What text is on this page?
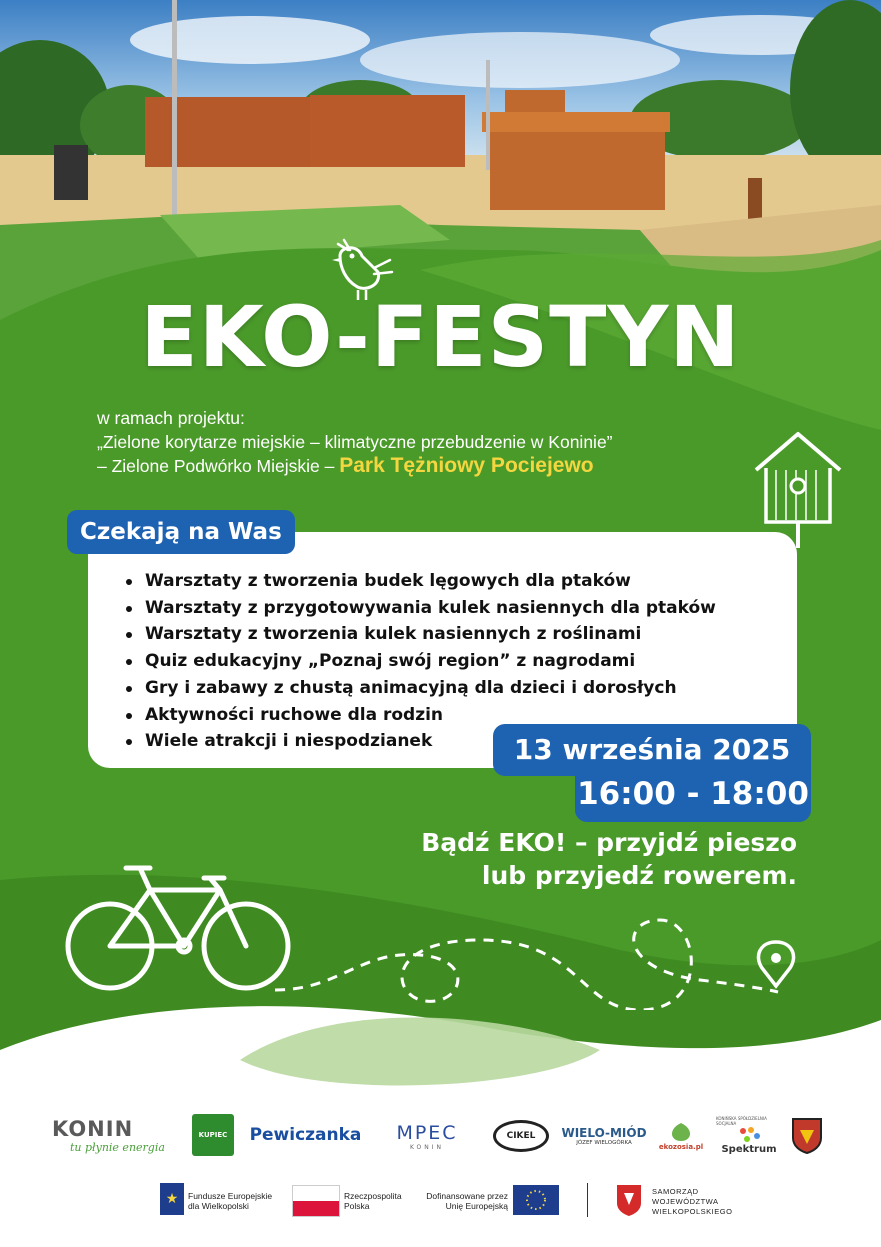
EKO-FESTYN
w ramach projektu:
„Zielone korytarze miejskie – klimatyczne przebudzenie w Koninie”
– Zielone Podwórko Miejskie – Park Tężniowy Pociejewo
Czekają na Was
Warsztaty z tworzenia budek lęgowych dla ptaków
Warsztaty z przygotowywania kulek nasiennych dla ptaków
Warsztaty z tworzenia kulek nasiennych z roślinami
Quiz edukacyjny „Poznaj swój region” z nagrodami
Gry i zabawy z chustą animacyjną dla dzieci i dorosłych
Aktywności ruchowe dla rodzin
Wiele atrakcji i niespodzianek	13 września 2025
16:00 - 18:00
Bądź EKO! – przyjdź pieszo
lub przyjedź rowerem.
KONIN
tu płynie energia
KUPIEC Pewiczanka MPEC
KONIN
CIKEL WIELO-MIÓD
JÓZEF WIELOGÓRKA	ekozosia.pl
KONIŃSKA SPÓŁDZIELNIA SOCJALNA
Spektrum
★ Fundusze Europejskie
dla Wielkopolski
Rzeczpospolita
Polska
Dofinansowane przez
Unię Europejską
SAMORZĄD
WOJEWÓDZTWA
WIELKOPOLSKIEGO
